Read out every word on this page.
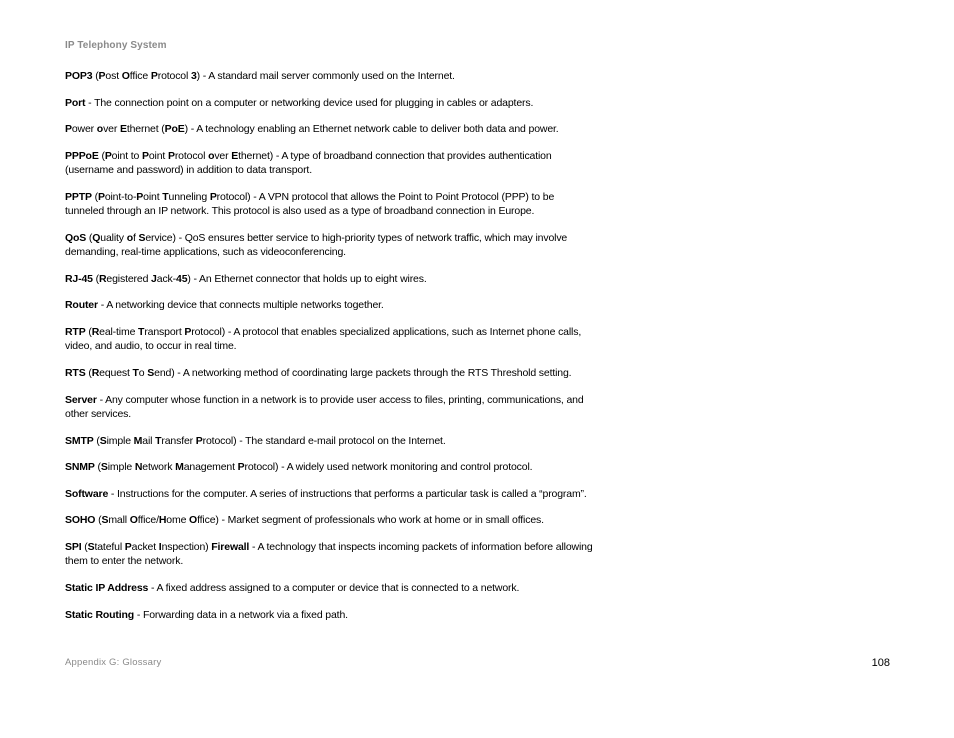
IP Telephony System

POP3 (Post Office Protocol 3) - A standard mail server commonly used on the Internet.

Port - The connection point on a computer or networking device used for plugging in cables or adapters.

Power over Ethernet (PoE) - A technology enabling an Ethernet network cable to deliver both data and power.

PPPoE (Point to Point Protocol over Ethernet) - A type of broadband connection that provides authentication (username and password) in addition to data transport.

PPTP (Point-to-Point Tunneling Protocol) - A VPN protocol that allows the Point to Point Protocol (PPP) to be tunneled through an IP network. This protocol is also used as a type of broadband connection in Europe.

QoS (Quality of Service) - QoS ensures better service to high-priority types of network traffic, which may involve demanding, real-time applications, such as videoconferencing.

RJ-45 (Registered Jack-45) - An Ethernet connector that holds up to eight wires.

Router - A networking device that connects multiple networks together.

RTP (Real-time Transport Protocol) - A protocol that enables specialized applications, such as Internet phone calls, video, and audio, to occur in real time.

RTS (Request To Send) - A networking method of coordinating large packets through the RTS Threshold setting.

Server - Any computer whose function in a network is to provide user access to files, printing, communications, and other services.

SMTP (Simple Mail Transfer Protocol) - The standard e-mail protocol on the Internet.

SNMP (Simple Network Management Protocol) - A widely used network monitoring and control protocol.

Software - Instructions for the computer. A series of instructions that performs a particular task is called a “program”.

SOHO (Small Office/Home Office) - Market segment of professionals who work at home or in small offices.

SPI (Stateful Packet Inspection) Firewall - A technology that inspects incoming packets of information before allowing them to enter the network.

Static IP Address - A fixed address assigned to a computer or device that is connected to a network.

Static Routing - Forwarding data in a network via a fixed path.

Appendix G: Glossary	108
